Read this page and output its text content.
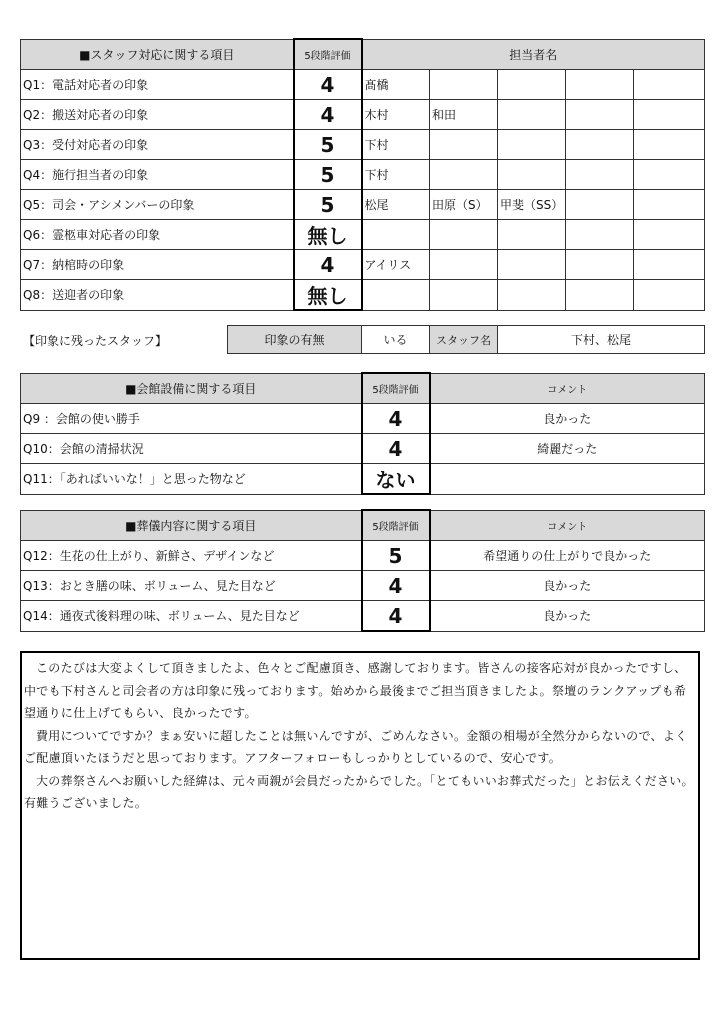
■スタッフ対応に関する項目	5段階評価	担当者名				
Q1：電話対応者の印象	4	髙橋				
Q2：搬送対応者の印象	4	木村	和田			
Q3：受付対応者の印象	5	下村				
Q4：施行担当者の印象	5	下村				
Q5：司会・アシメンバーの印象	5	松尾	田原（S）	甲斐（SS）		
Q6：霊柩車対応者の印象	無し					
Q7：納棺時の印象	4	アイリス				
Q8：送迎者の印象	無し					
【印象に残ったスタッフ】	印象の有無	いる	スタッフ名	下村、松尾
■会館設備に関する項目	5段階評価	コメント
Q9 ：会館の使い勝手	4	良かった
Q10：会館の清掃状況	4	綺麗だった
Q11：「あればいいな！」と思った物など	ない	
■葬儀内容に関する項目	5段階評価	コメント
Q12：生花の仕上がり、新鮮さ、デザインなど	5	希望通りの仕上がりで良かった
Q13：おとき膳の味、ボリューム、見た目など	4	良かった
Q14：通夜式後料理の味、ボリューム、見た目など	4	良かった

このたびは大変よくして頂きましたよ、色々とご配慮頂き、感謝しております。皆さんの接客応対が良かったですし、中でも下村さんと司会者の方は印象に残っております。始めから最後までご担当頂きましたよ。祭壇のランクアップも希望通りに仕上げてもらい、良かったです。

費用についてですか？まぁ安いに超したことは無いんですが、ごめんなさい。金額の相場が全然分からないので、よくご配慮頂いたほうだと思っております。アフターフォローもしっかりとしているので、安心です。

大の葬祭さんへお願いした経緯は、元々両親が会員だったからでした。「とてもいいお葬式だった」とお伝えください。有難うございました。
